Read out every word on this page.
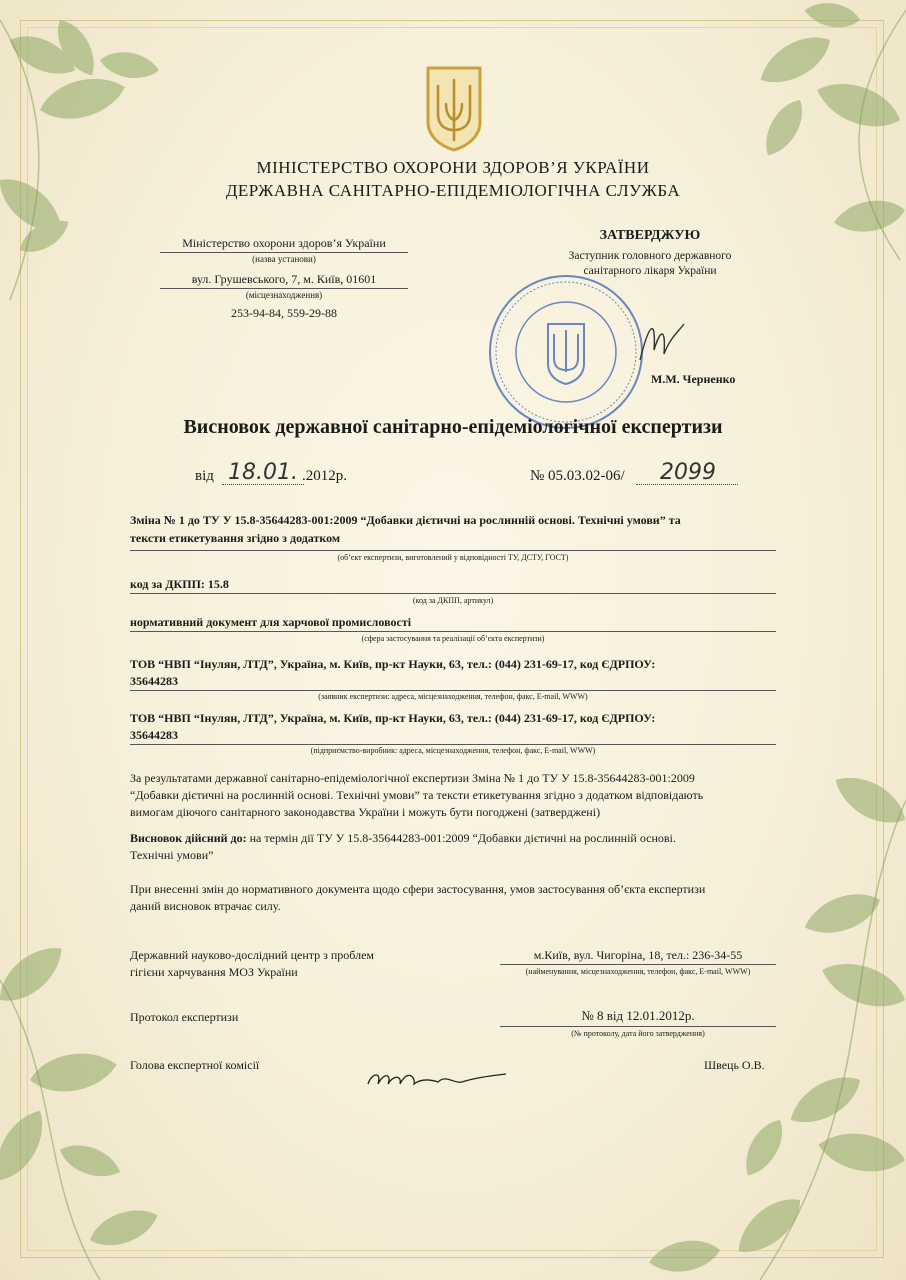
МІНІСТЕРСТВО ОХОРОНИ ЗДОРОВ’Я УКРАЇНИ
ДЕРЖАВНА САНІТАРНО-ЕПІДЕМІОЛОГІЧНА СЛУЖБА
Міністерство охорони здоров’я України
(назва установи)
вул. Грушевського, 7, м. Київ, 01601
(місцезнаходження)
253-94-84, 559-29-88
ЗАТВЕРДЖУЮ
Заступник головного державного
санітарного лікаря України
М.М. Черненко
Висновок державної санітарно-епідеміологічної експертизи
від 18.01. .2012р.	№ 05.03.02-06/ 2099
Зміна № 1 до ТУ У 15.8-35644283-001:2009 “Добавки дієтичні на рослинній основі. Технічні умови” та
тексти етикетування згідно з додатком
(об’єкт експертизи, виготовлений у відповідності ТУ, ДСТУ, ГОСТ)
код за ДКПП: 15.8
(код за ДКПП, артикул)
нормативний документ для харчової промисловості
(сфера застосування та реалізації об’єкта експертизи)
ТОВ “НВП “Інулян, ЛТД”, Україна, м. Київ, пр-кт Науки, 63, тел.: (044) 231-69-17, код ЄДРПОУ:
35644283
(заявник експертизи: адреса, місцезнаходження, телефон, факс, E-mail, WWW)
ТОВ “НВП “Інулян, ЛТД”, Україна, м. Київ, пр-кт Науки, 63, тел.: (044) 231-69-17, код ЄДРПОУ:
35644283
(підприємство-виробник: адреса, місцезнаходження, телефон, факс, E-mail, WWW)
За результатами державної санітарно-епідеміологічної експертизи Зміна № 1 до ТУ У 15.8-35644283-001:2009
“Добавки дієтичні на рослинній основі. Технічні умови” та тексти етикетування згідно з додатком відповідають
вимогам діючого санітарного законодавства України і можуть бути погоджені (затверджені)
Висновок дійсний до: на термін дії ТУ У 15.8-35644283-001:2009 “Добавки дієтичні на рослинній основі.
Технічні умови”
При внесенні змін до нормативного документа щодо сфери застосування, умов застосування об’єкта експертизи
даний висновок втрачає силу.
Державний науково-дослідний центр з проблем
гігієни харчування МОЗ України
м.Київ, вул. Чигоріна, 18, тел.: 236-34-55
(найменування, місцезнаходження, телефон, факс, E-mail, WWW)
Протокол експертизи	№ 8 від 12.01.2012р.
(№ протоколу, дата його затвердження)
Голова експертної комісії	Швець О.В.
